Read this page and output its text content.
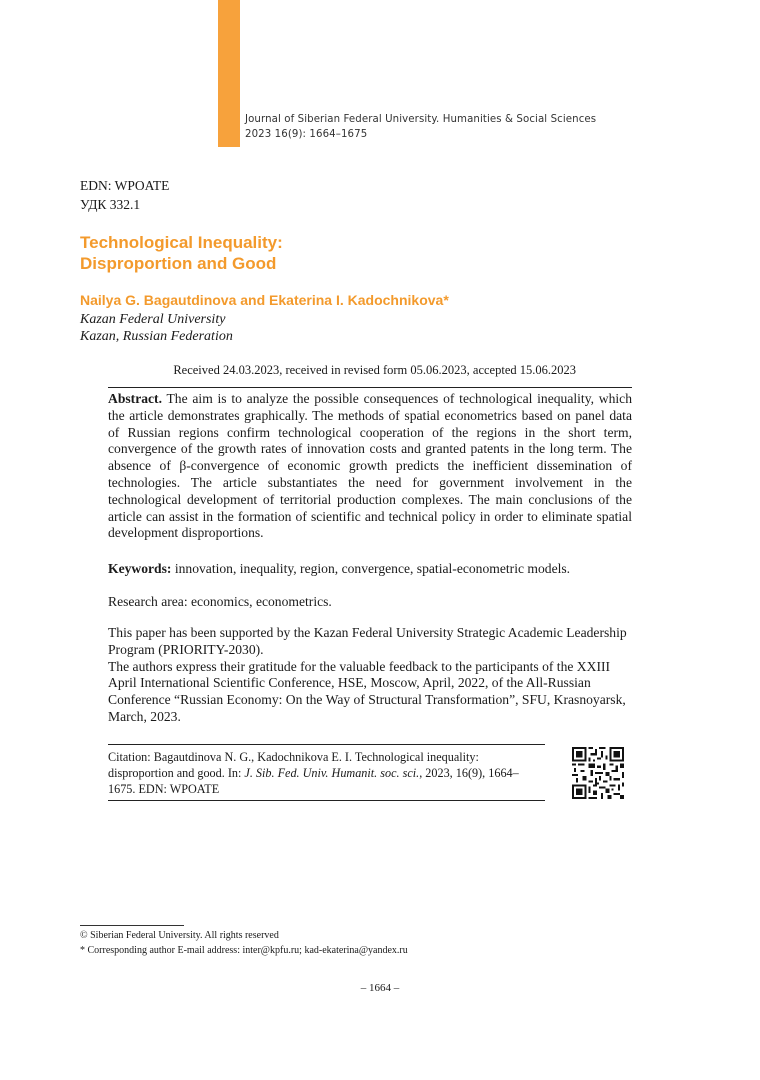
Journal of Siberian Federal University. Humanities & Social Sciences
2023 16(9): 1664–1675
EDN: WPOATE
УДК 332.1
Technological Inequality:
Disproportion and Good
Nailya G. Bagautdinova and Ekaterina I. Kadochnikova*
Kazan Federal University
Kazan, Russian Federation
Received 24.03.2023, received in revised form 05.06.2023, accepted 15.06.2023
Abstract. The aim is to analyze the possible consequences of technological inequality, which the article demonstrates graphically. The methods of spatial econometrics based on panel data of Russian regions confirm technological cooperation of the regions in the short term, convergence of the growth rates of innovation costs and granted patents in the long term. The absence of β-convergence of economic growth predicts the inefficient dissemination of technologies. The article substantiates the need for government involvement in the technological development of territorial production complexes. The main conclusions of the article can assist in the formation of scientific and technical policy in order to eliminate spatial development disproportions.
Keywords: innovation, inequality, region, convergence, spatial-econometric models.
Research area: economics, econometrics.
This paper has been supported by the Kazan Federal University Strategic Academic Leadership Program (PRIORITY-2030).
The authors express their gratitude for the valuable feedback to the participants of the XXIII April International Scientific Conference, HSE, Moscow, April, 2022, of the All-Russian Conference “Russian Economy: On the Way of Structural Transformation”, SFU, Krasnoyarsk, March, 2023.
Citation: Bagautdinova N. G., Kadochnikova E. I. Technological inequality: disproportion and good. In: J. Sib. Fed. Univ. Humanit. soc. sci., 2023, 16(9), 1664–1675. EDN: WPOATE
© Siberian Federal University. All rights reserved
* Corresponding author E-mail address: inter@kpfu.ru; kad-ekaterina@yandex.ru
– 1664 –
